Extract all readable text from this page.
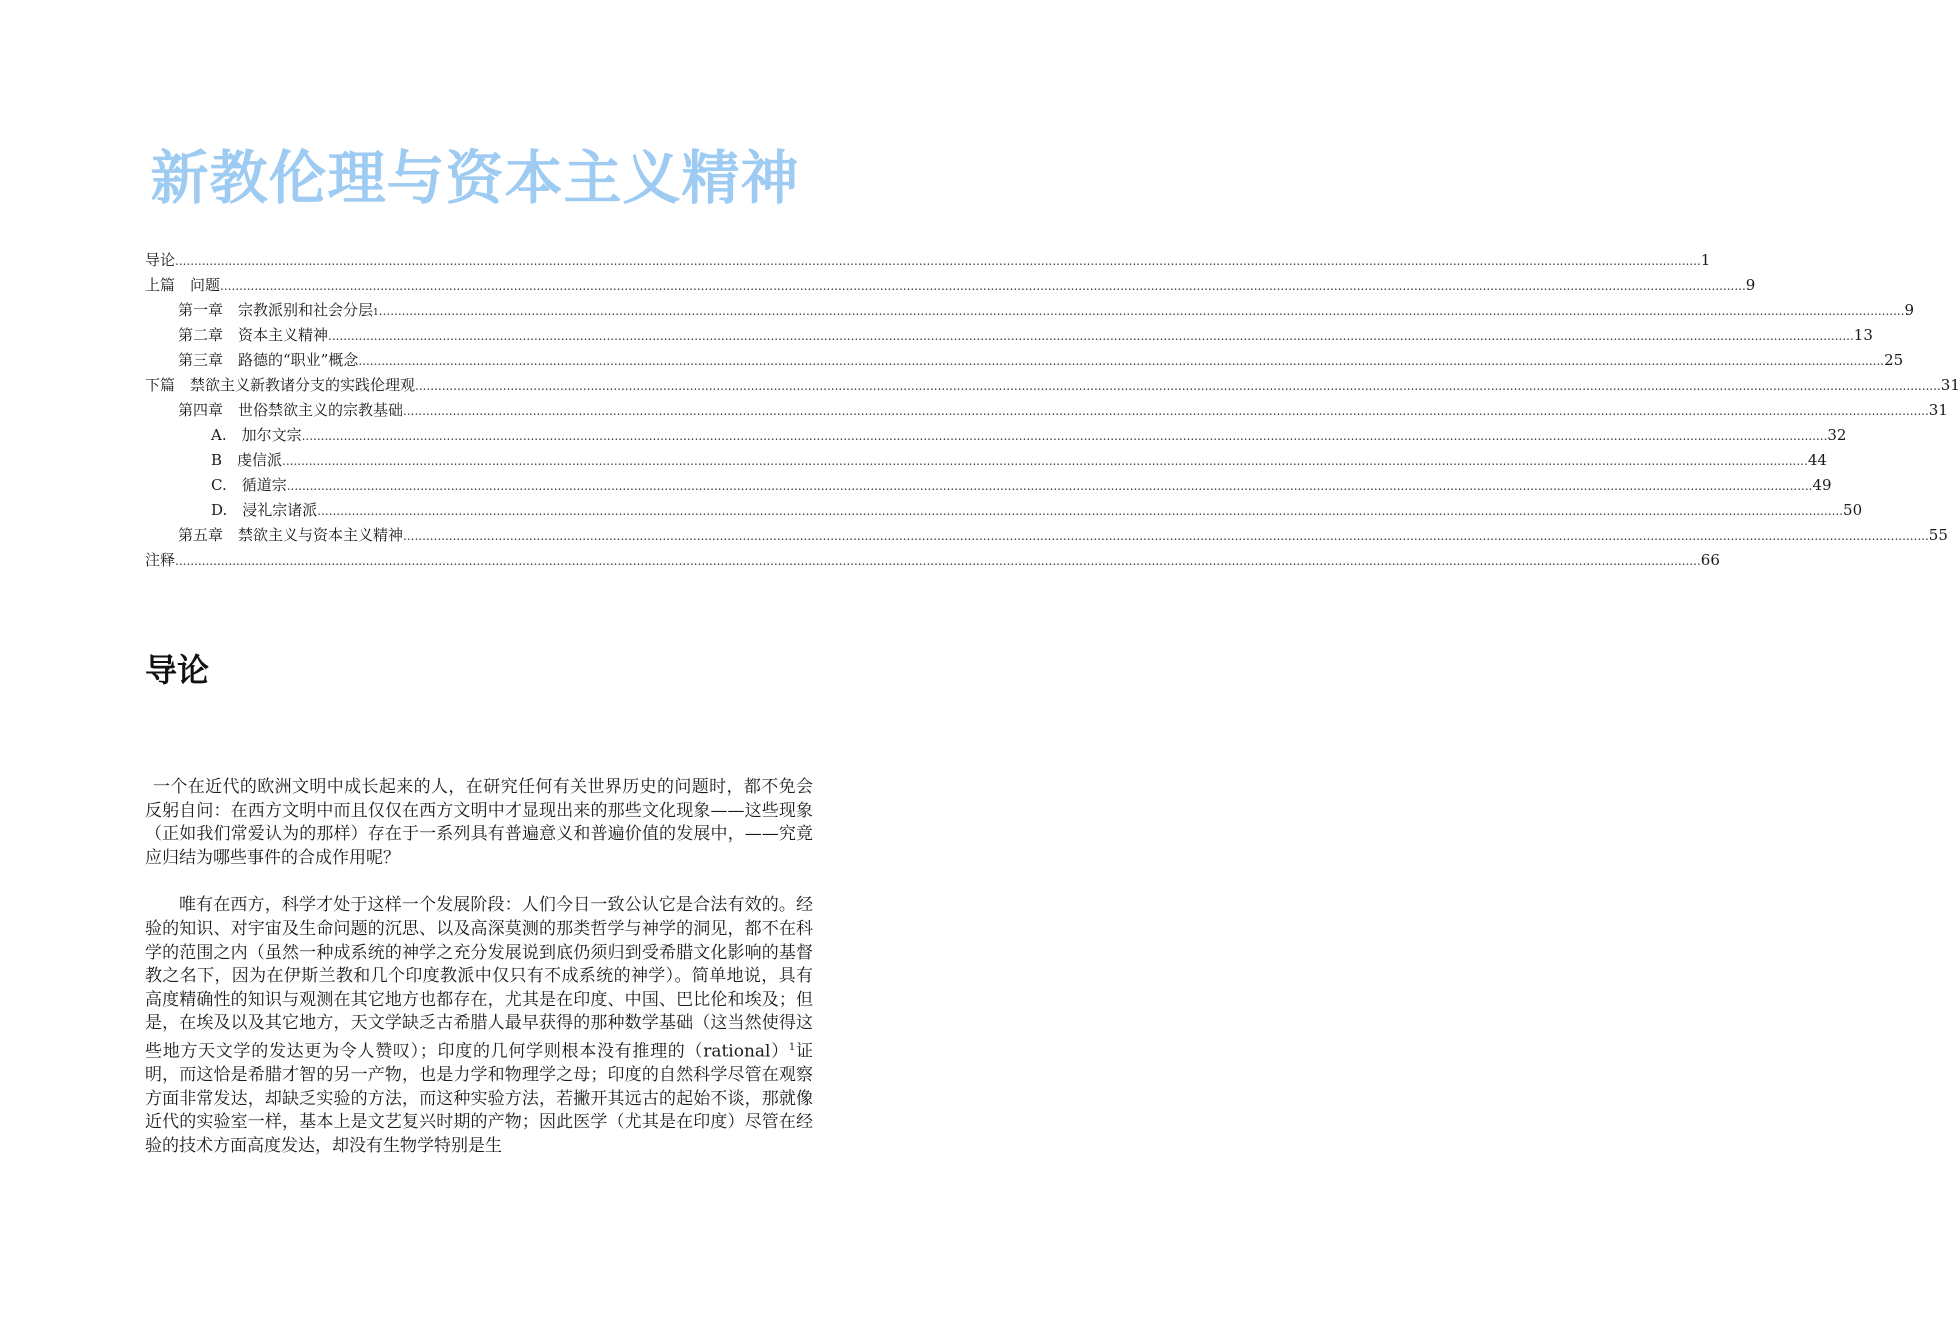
新教伦理与资本主义精神
导论 ................................................................................................................................................................................................................................................................................................................................................................................................................ 1
上篇　问题 ................................................................................................................................................................................................................................................................................................................................................................................................................ 9
第一章　宗教派别和社会分层 1 ................................................................................................................................................................................................................................................................................................................................................................................................................ 9
第二章　资本主义精神 ................................................................................................................................................................................................................................................................................................................................................................................................................ 13
第三章　路德的“职业”概念 ................................................................................................................................................................................................................................................................................................................................................................................................................ 25
下篇　禁欲主义新教诸分支的实践伦理观 ................................................................................................................................................................................................................................................................................................................................................................................................................ 31
第四章　世俗禁欲主义的宗教基础 ................................................................................................................................................................................................................................................................................................................................................................................................................ 31
A.　加尔文宗 ................................................................................................................................................................................................................................................................................................................................................................................................................ 32
B　虔信派 ................................................................................................................................................................................................................................................................................................................................................................................................................ 44
C.　循道宗 ................................................................................................................................................................................................................................................................................................................................................................................................................ 49
D.　浸礼宗诸派 ................................................................................................................................................................................................................................................................................................................................................................................................................ 50
第五章　禁欲主义与资本主义精神 ................................................................................................................................................................................................................................................................................................................................................................................................................ 55
注释 ................................................................................................................................................................................................................................................................................................................................................................................................................ 66
导论

一个在近代的欧洲文明中成长起来的人，在研究任何有关世界历史的问题时，都不免会反躬自问：在西方文明中而且仅仅在西方文明中才显现出来的那些文化现象——这些现象（正如我们常爱认为的那样）存在于一系列具有普遍意义和普遍价值的发展中，——究竟应归结为哪些事件的合成作用呢？

唯有在西方，科学才处于这样一个发展阶段：人们今日一致公认它是合法有效的。经验的知识、对宇宙及生命问题的沉思、以及高深莫测的那类哲学与神学的洞见，都不在科学的范围之内（虽然一种成系统的神学之充分发展说到底仍须归到受希腊文化影响的基督教之名下，因为在伊斯兰教和几个印度教派中仅只有不成系统的神学）。简单地说，具有高度精确性的知识与观测在其它地方也都存在，尤其是在印度、中国、巴比伦和埃及；但是，在埃及以及其它地方，天文学缺乏古希腊人最早获得的那种数学基础（这当然使得这些地方天文学的发达更为令人赞叹）；印度的几何学则根本没有推理的（rational）$^1$证明，而这恰是希腊才智的另一产物，也是力学和物理学之母；印度的自然科学尽管在观察方面非常发达，却缺乏实验的方法，而这种实验方法，若撇开其远古的起始不谈，那就像近代的实验室一样，基本上是文艺复兴时期的产物；因此医学（尤其是在印度）尽管在经验的技术方面高度发达，却没有生物学特别是生
